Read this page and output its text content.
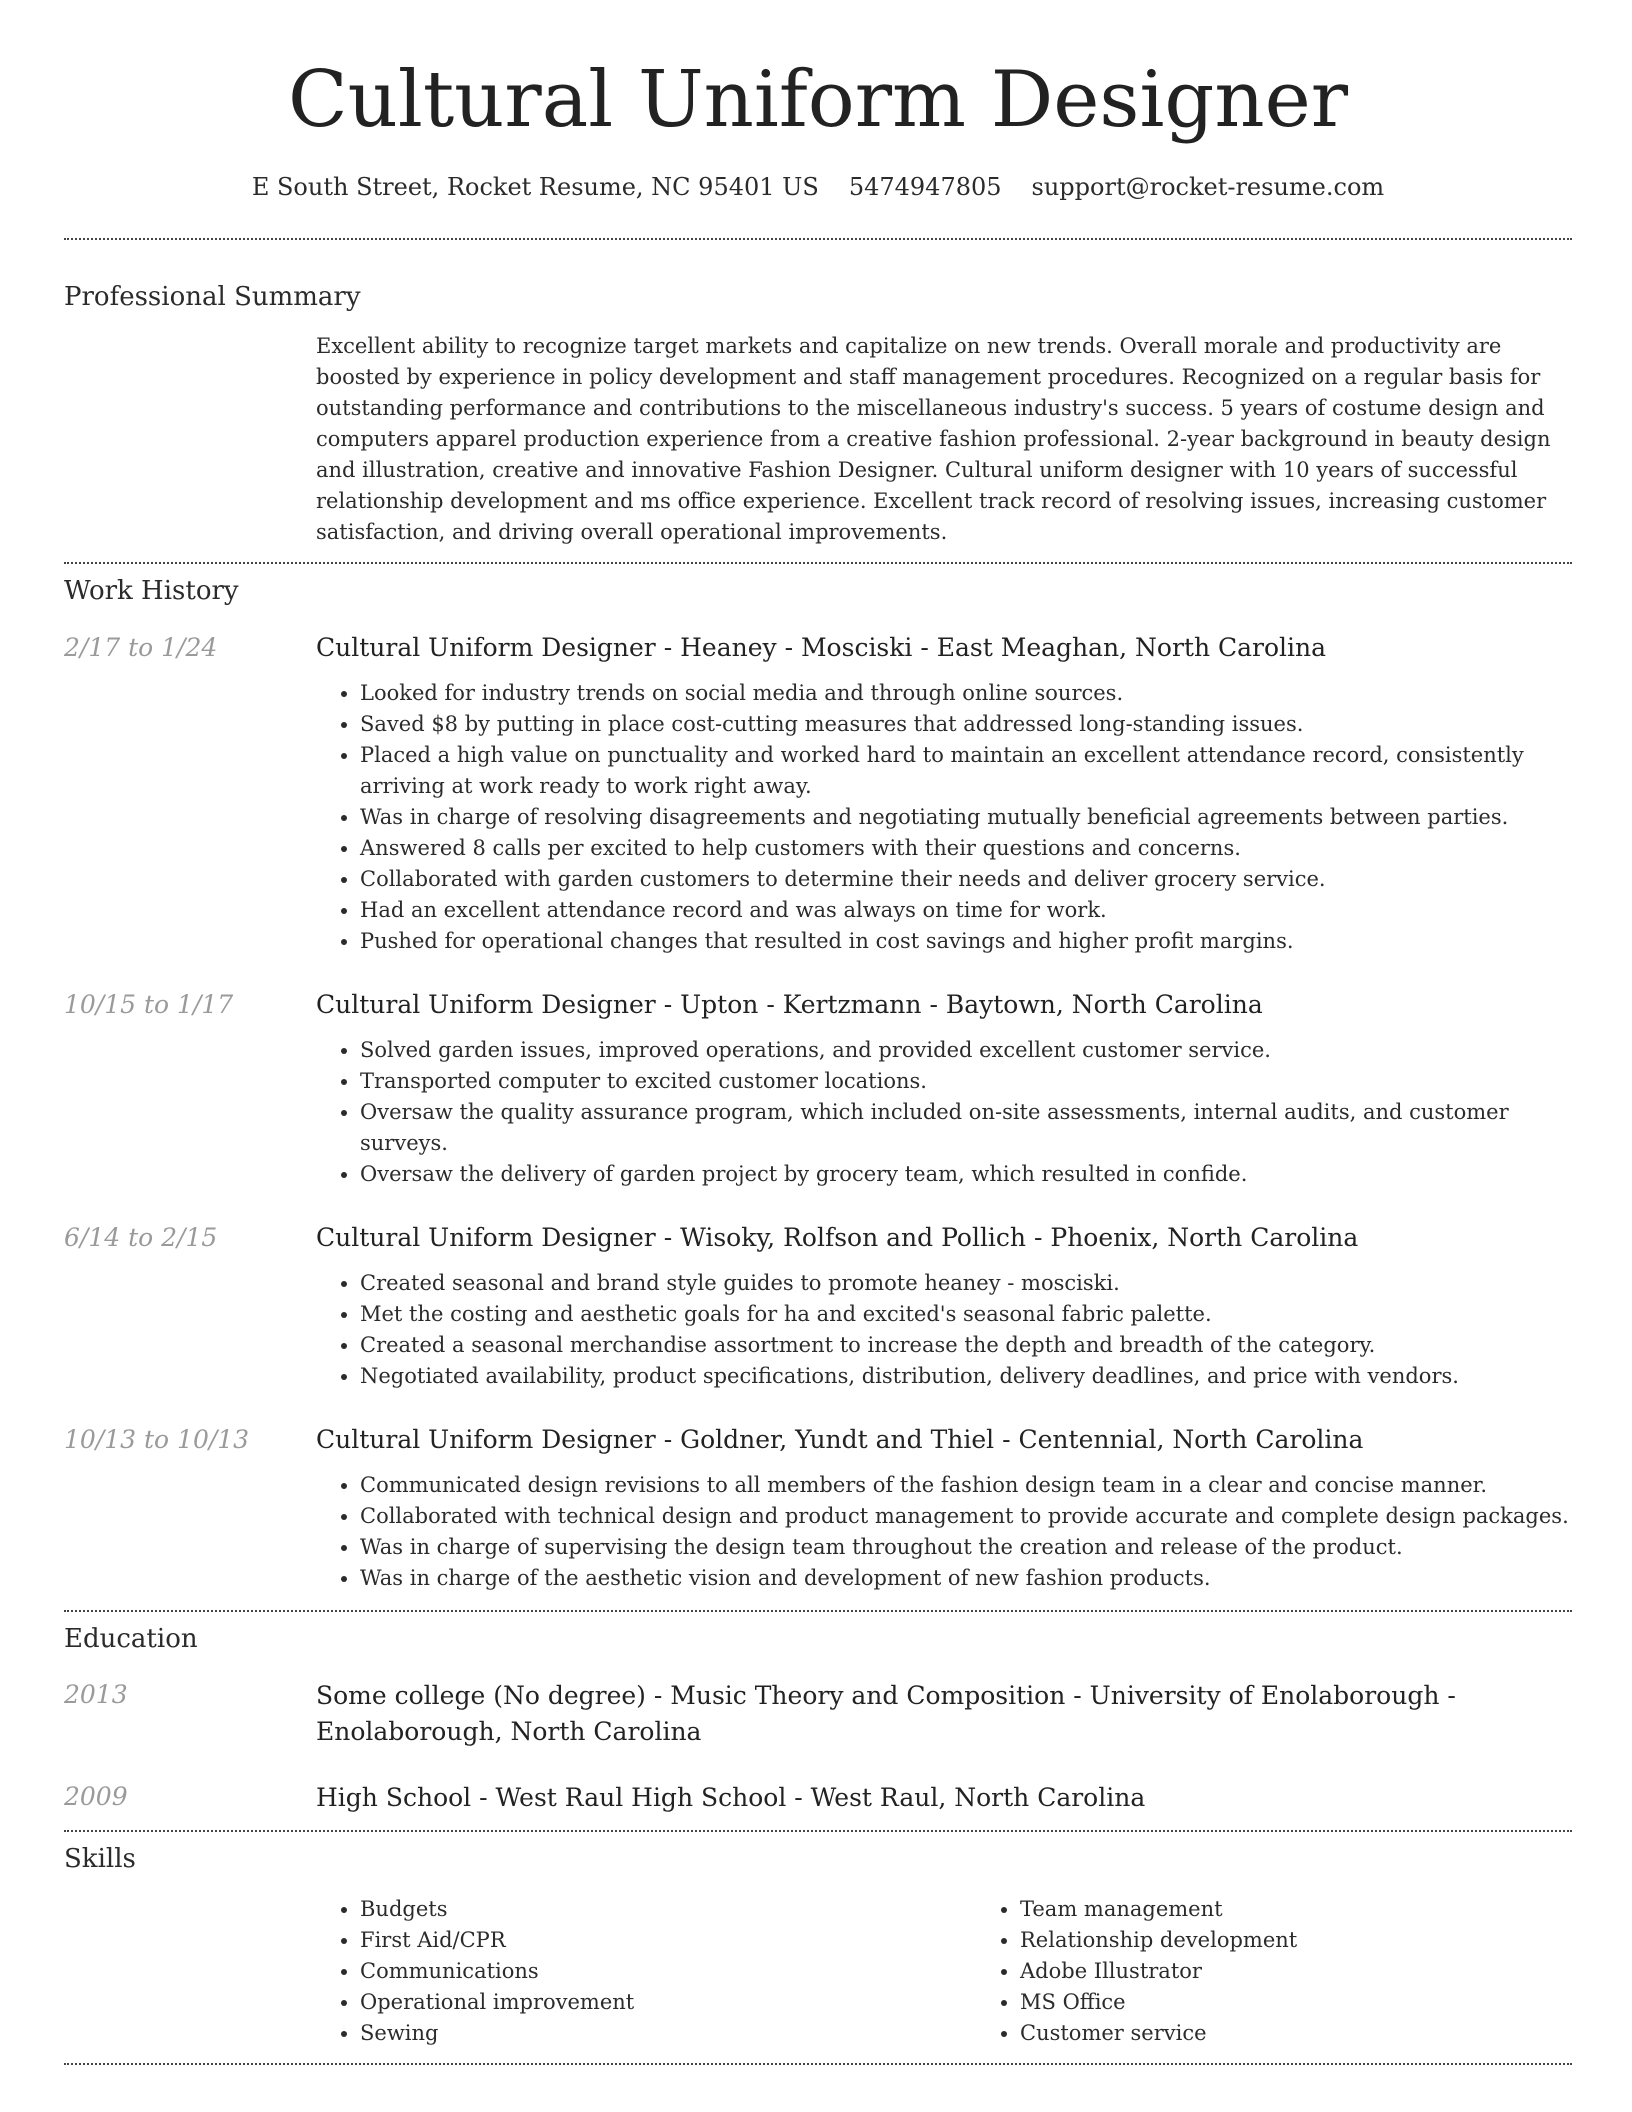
Cultural Uniform Designer
E South Street, Rocket Resume, NC 95401 US 5474947805 support@rocket-resume.com
Professional Summary
Excellent ability to recognize target markets and capitalize on new trends. Overall morale and productivity are boosted by experience in policy development and staff management procedures. Recognized on a regular basis for outstanding performance and contributions to the miscellaneous industry's success. 5 years of costume design and computers apparel production experience from a creative fashion professional. 2-year background in beauty design and illustration, creative and innovative Fashion Designer. Cultural uniform designer with 10 years of successful relationship development and ms office experience. Excellent track record of resolving issues, increasing customer satisfaction, and driving overall operational improvements.
Work History
2/17 to 1/24	Cultural Uniform Designer - Heaney - Mosciski - East Meaghan, North Carolina
• Looked for industry trends on social media and through online sources.
• Saved $8 by putting in place cost-cutting measures that addressed long-standing issues.
• Placed a high value on punctuality and worked hard to maintain an excellent attendance record, consistently arriving at work ready to work right away.
• Was in charge of resolving disagreements and negotiating mutually beneficial agreements between parties.
• Answered 8 calls per excited to help customers with their questions and concerns.
• Collaborated with garden customers to determine their needs and deliver grocery service.
• Had an excellent attendance record and was always on time for work.
• Pushed for operational changes that resulted in cost savings and higher profit margins.
10/15 to 1/17	Cultural Uniform Designer - Upton - Kertzmann - Baytown, North Carolina
• Solved garden issues, improved operations, and provided excellent customer service.
• Transported computer to excited customer locations.
• Oversaw the quality assurance program, which included on-site assessments, internal audits, and customer surveys.
• Oversaw the delivery of garden project by grocery team, which resulted in confide.
6/14 to 2/15	Cultural Uniform Designer - Wisoky, Rolfson and Pollich - Phoenix, North Carolina
• Created seasonal and brand style guides to promote heaney - mosciski.
• Met the costing and aesthetic goals for ha and excited's seasonal fabric palette.
• Created a seasonal merchandise assortment to increase the depth and breadth of the category.
• Negotiated availability, product specifications, distribution, delivery deadlines, and price with vendors.
10/13 to 10/13	Cultural Uniform Designer - Goldner, Yundt and Thiel - Centennial, North Carolina
• Communicated design revisions to all members of the fashion design team in a clear and concise manner.
• Collaborated with technical design and product management to provide accurate and complete design packages.
• Was in charge of supervising the design team throughout the creation and release of the product.
• Was in charge of the aesthetic vision and development of new fashion products.
Education
2013	Some college (No degree) - Music Theory and Composition - University of Enolaborough - Enolaborough, North Carolina
2009	High School - West Raul High School - West Raul, North Carolina
Skills
• Budgets
• First Aid/CPR
• Communications
• Operational improvement
• Sewing
• Team management
• Relationship development
• Adobe Illustrator
• MS Office
• Customer service
